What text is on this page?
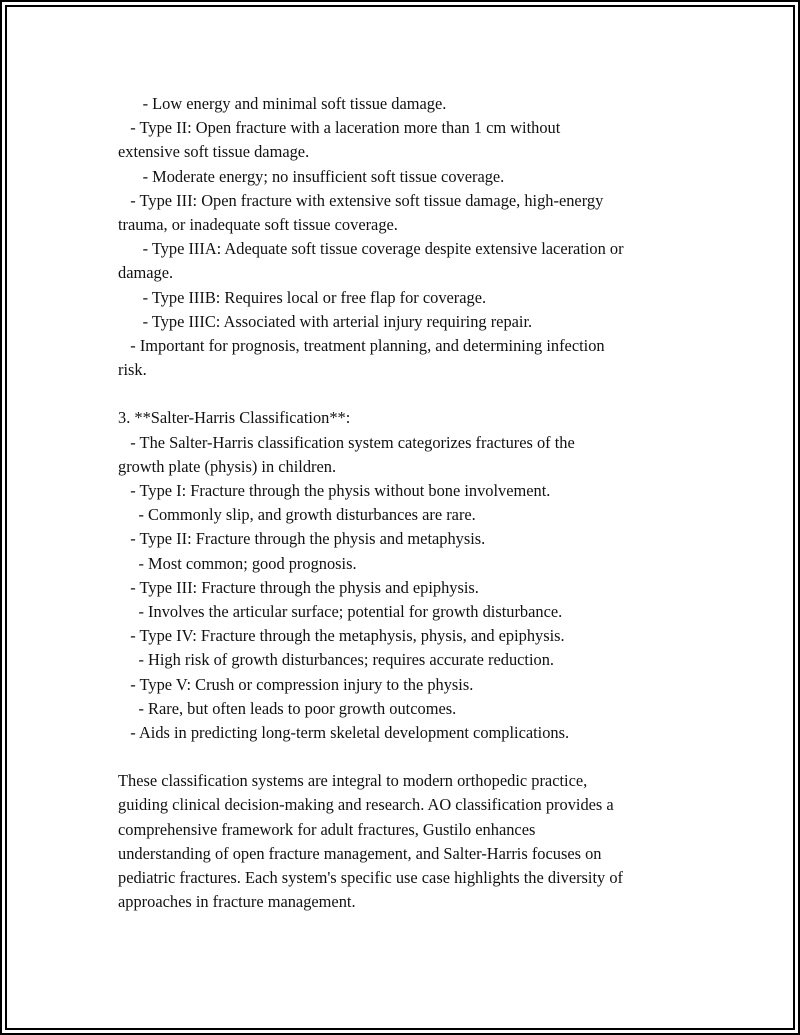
- Low energy and minimal soft tissue damage.
- Type II: Open fracture with a laceration more than 1 cm without
extensive soft tissue damage.
- Moderate energy; no insufficient soft tissue coverage.
- Type III: Open fracture with extensive soft tissue damage, high-energy
trauma, or inadequate soft tissue coverage.
- Type IIIA: Adequate soft tissue coverage despite extensive laceration or
damage.
- Type IIIB: Requires local or free flap for coverage.
- Type IIIC: Associated with arterial injury requiring repair.
- Important for prognosis, treatment planning, and determining infection
risk.
3. **Salter-Harris Classification**:
- The Salter-Harris classification system categorizes fractures of the
growth plate (physis) in children.
- Type I: Fracture through the physis without bone involvement.
- Commonly slip, and growth disturbances are rare.
- Type II: Fracture through the physis and metaphysis.
- Most common; good prognosis.
- Type III: Fracture through the physis and epiphysis.
- Involves the articular surface; potential for growth disturbance.
- Type IV: Fracture through the metaphysis, physis, and epiphysis.
- High risk of growth disturbances; requires accurate reduction.
- Type V: Crush or compression injury to the physis.
- Rare, but often leads to poor growth outcomes.
- Aids in predicting long-term skeletal development complications.
These classification systems are integral to modern orthopedic practice,
guiding clinical decision-making and research. AO classification provides a
comprehensive framework for adult fractures, Gustilo enhances
understanding of open fracture management, and Salter-Harris focuses on
pediatric fractures. Each system's specific use case highlights the diversity of
approaches in fracture management.
